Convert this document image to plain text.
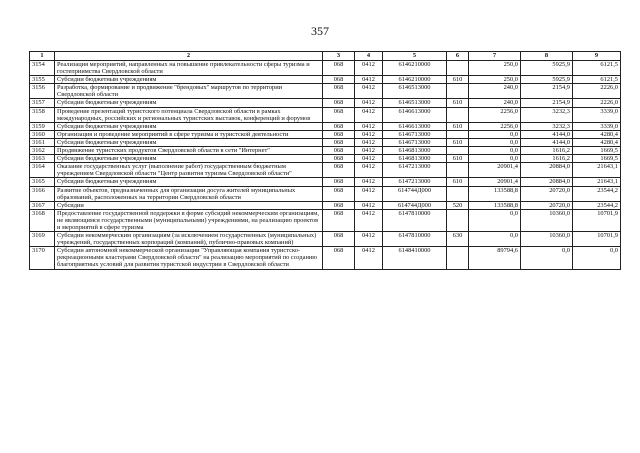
357
1	2	3	4	5	6	7	8	9
3154	Реализация мероприятий, направленных на повышение привлекательности сферы туризма и гостеприимства Свердловской области	068	0412	6146210000		250,0	5925,9	6121,5
3155	Субсидии бюджетным учреждениям	068	0412	6146210000	610	250,0	5925,9	6121,5
3156	Разработка, формирование и продвижение "брендовых" маршрутов по территории Свердловской области	068	0412	6146513000		240,0	2154,9	2226,0
3157	Субсидии бюджетным учреждениям	068	0412	6146513000	610	240,0	2154,9	2226,0
3158	Проведение презентаций туристского потенциала Свердловской области в рамках международных, российских и региональных туристских выставок, конференций и форумов	068	0412	6146613000		2256,0	3232,3	3339,0
3159	Субсидии бюджетным учреждениям	068	0412	6146613000	610	2256,0	3232,3	3339,0
3160	Организация и проведение мероприятий в сфере туризма и туристской деятельности	068	0412	6146713000		0,0	4144,0	4280,4
3161	Субсидии бюджетным учреждениям	068	0412	6146713000	610	0,0	4144,0	4280,4
3162	Продвижение туристских продуктов Свердловской области в сети "Интернет"	068	0412	6146813000		0,0	1616,2	1669,5
3163	Субсидии бюджетным учреждениям	068	0412	6146813000	610	0,0	1616,2	1669,5
3164	Оказание государственных услуг (выполнение работ) государственным бюджетным учреждением Свердловской области "Центр развития туризма Свердловской области"	068	0412	6147213000		20901,4	20884,0	21643,1
3165	Субсидии бюджетным учреждениям	068	0412	6147213000	610	20901,4	20884,0	21643,1
3166	Развитие объектов, предназначенных для организации досуга жителей муниципальных образований, расположенных на территории Свердловской области	068	0412	614744Д000		133588,8	20720,0	23544,2
3167	Субсидии	068	0412	614744Д000	520	133588,8	20720,0	23544,2
3168	Предоставление государственной поддержки в форме субсидий некоммерческим организациям, не являющимся государственными (муниципальными) учреждениями, на реализацию проектов и мероприятий в сфере туризма	068	0412	6147810000		0,0	10360,0	10701,9
3169	Субсидии некоммерческим организациям (за исключением государственных (муниципальных) учреждений, государственных корпораций (компаний), публично-правовых компаний)	068	0412	6147810000	630	0,0	10360,0	10701,9
3170	Субсидии автономной некоммерческой организации "Управляющая компания туристско-рекреационными кластерами Свердловской области" на реализацию мероприятий по созданию благоприятных условий для развития туристской индустрии в Свердловской области	068	0412	6148410000		89794,6	0,0	0,0
